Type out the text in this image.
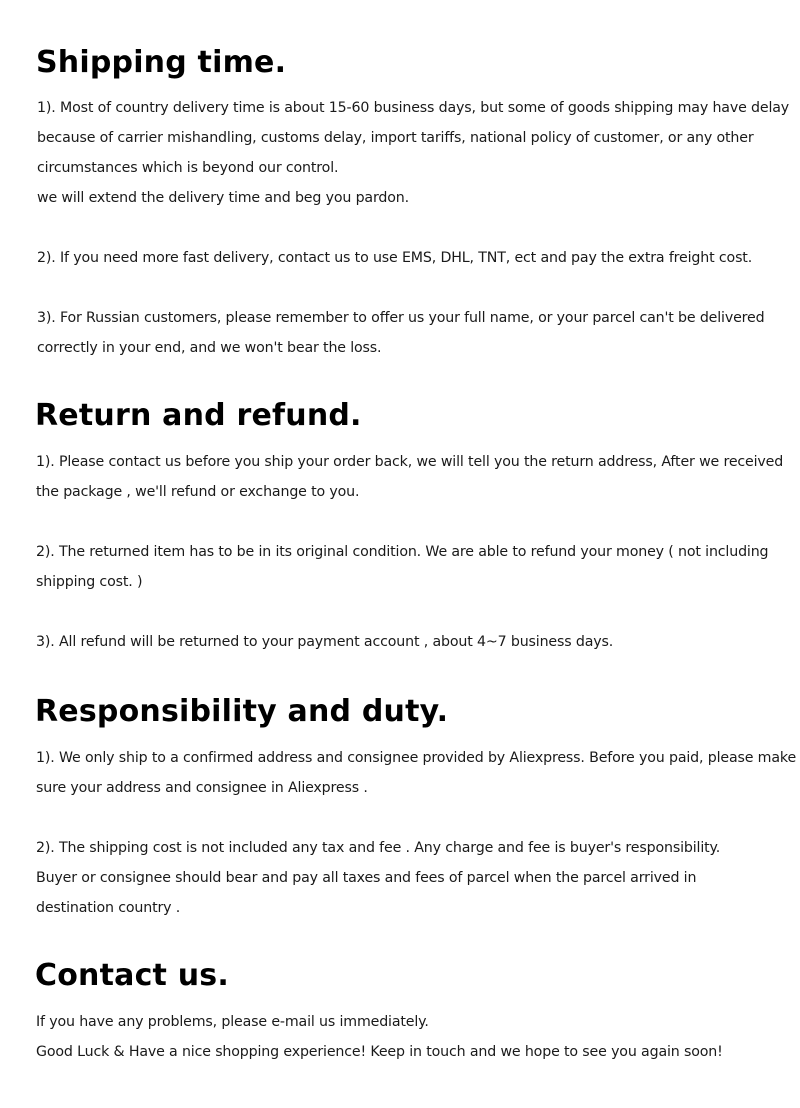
Shipping time.

1). Most of country delivery time is about 15-60 business days, but some of goods shipping may have delay

because of carrier mishandling, customs delay, import tariffs, national policy of customer, or any other

circumstances which is beyond our control.

we will extend the delivery time and beg you pardon.

2). If you need more fast delivery, contact us to use EMS, DHL, TNT, ect and pay the extra freight cost.

3). For Russian customers, please remember to offer us your full name, or your parcel can't be delivered

correctly in your end, and we won't bear the loss.

Return and refund.

1). Please contact us before you ship your order back, we will tell you the return address, After we received

the package , we'll refund or exchange to you.

2). The returned item has to be in its original condition. We are able to refund your money ( not including

shipping cost. )

3). All refund will be returned to your payment account , about 4~7 business days.

Responsibility and duty.

1). We only ship to a confirmed address and consignee provided by Aliexpress. Before you paid, please make

sure your address and consignee in Aliexpress .

2). The shipping cost is not included any tax and fee . Any charge and fee is buyer's responsibility.

Buyer or consignee should bear and pay all taxes and fees of parcel when the parcel arrived in

destination country .

Contact us.

If you have any problems, please e-mail us immediately.

Good Luck & Have a nice shopping experience! Keep in touch and we hope to see you again soon!
